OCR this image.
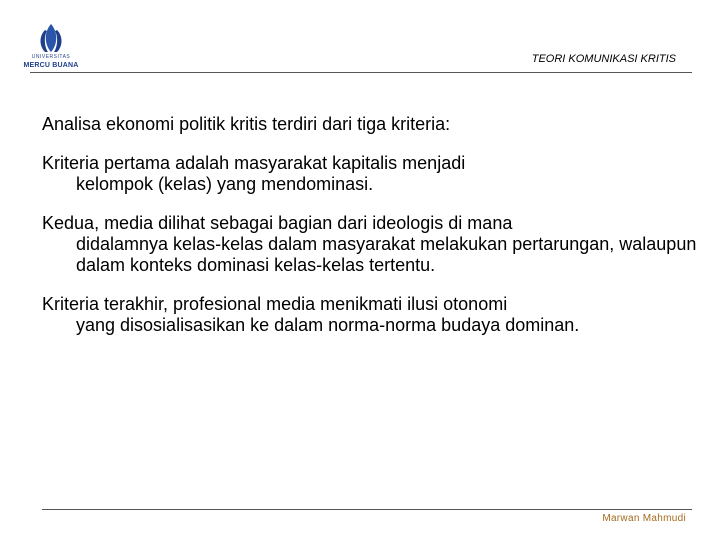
UNIVERSITAS
MERCU BUANA
TEORI KOMUNIKASI KRITIS

Analisa ekonomi politik kritis terdiri dari tiga kriteria:

Kriteria pertama adalah masyarakat kapitalis menjadi
kelompok (kelas) yang mendominasi.

Kedua, media dilihat sebagai bagian dari ideologis di mana
didalamnya kelas-kelas dalam masyarakat melakukan pertarungan, walaupun dalam konteks dominasi kelas-kelas tertentu.

Kriteria terakhir, profesional media menikmati ilusi otonomi
yang disosialisasikan ke dalam norma-norma budaya dominan.

Marwan Mahmudi
